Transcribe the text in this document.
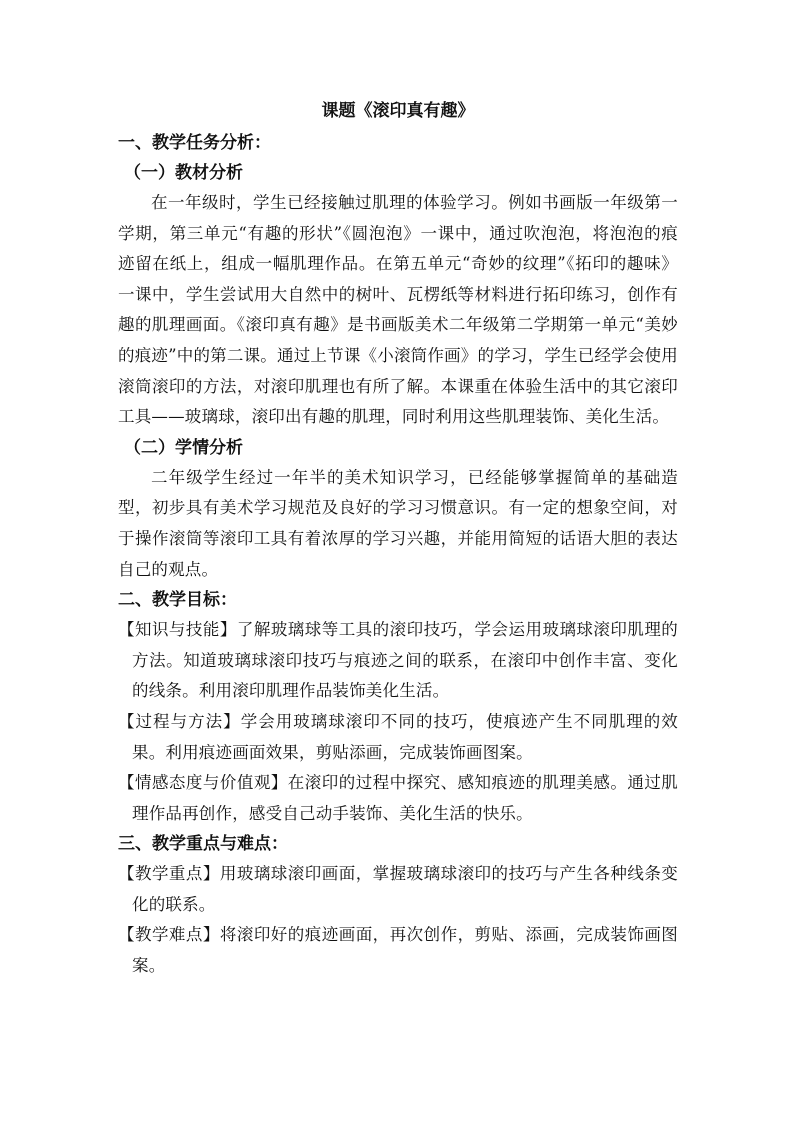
课题《滚印真有趣》
一、教学任务分析：
（一）教材分析

在一年级时，学生已经接触过肌理的体验学习。例如书画版一年级第一学期，第三单元“有趣的形状”《圆泡泡》一课中，通过吹泡泡，将泡泡的痕迹留在纸上，组成一幅肌理作品。在第五单元“奇妙的纹理”《拓印的趣味》一课中，学生尝试用大自然中的树叶、瓦楞纸等材料进行拓印练习，创作有趣的肌理画面。《滚印真有趣》是书画版美术二年级第二学期第一单元“美妙的痕迹”中的第二课。通过上节课《小滚筒作画》的学习，学生已经学会使用滚筒滚印的方法，对滚印肌理也有所了解。本课重在体验生活中的其它滚印工具——玻璃球，滚印出有趣的肌理，同时利用这些肌理装饰、美化生活。

（二）学情分析

二年级学生经过一年半的美术知识学习，已经能够掌握简单的基础造型，初步具有美术学习规范及良好的学习习惯意识。有一定的想象空间，对于操作滚筒等滚印工具有着浓厚的学习兴趣，并能用简短的话语大胆的表达自己的观点。

二、教学目标：

【知识与技能】了解玻璃球等工具的滚印技巧，学会运用玻璃球滚印肌理的方法。知道玻璃球滚印技巧与痕迹之间的联系，在滚印中创作丰富、变化的线条。利用滚印肌理作品装饰美化生活。

【过程与方法】学会用玻璃球滚印不同的技巧，使痕迹产生不同肌理的效果。利用痕迹画面效果，剪贴添画，完成装饰画图案。

【情感态度与价值观】在滚印的过程中探究、感知痕迹的肌理美感。通过肌理作品再创作，感受自己动手装饰、美化生活的快乐。

三、教学重点与难点：

【教学重点】用玻璃球滚印画面，掌握玻璃球滚印的技巧与产生各种线条变化的联系。

【教学难点】将滚印好的痕迹画面，再次创作，剪贴、添画，完成装饰画图案。
